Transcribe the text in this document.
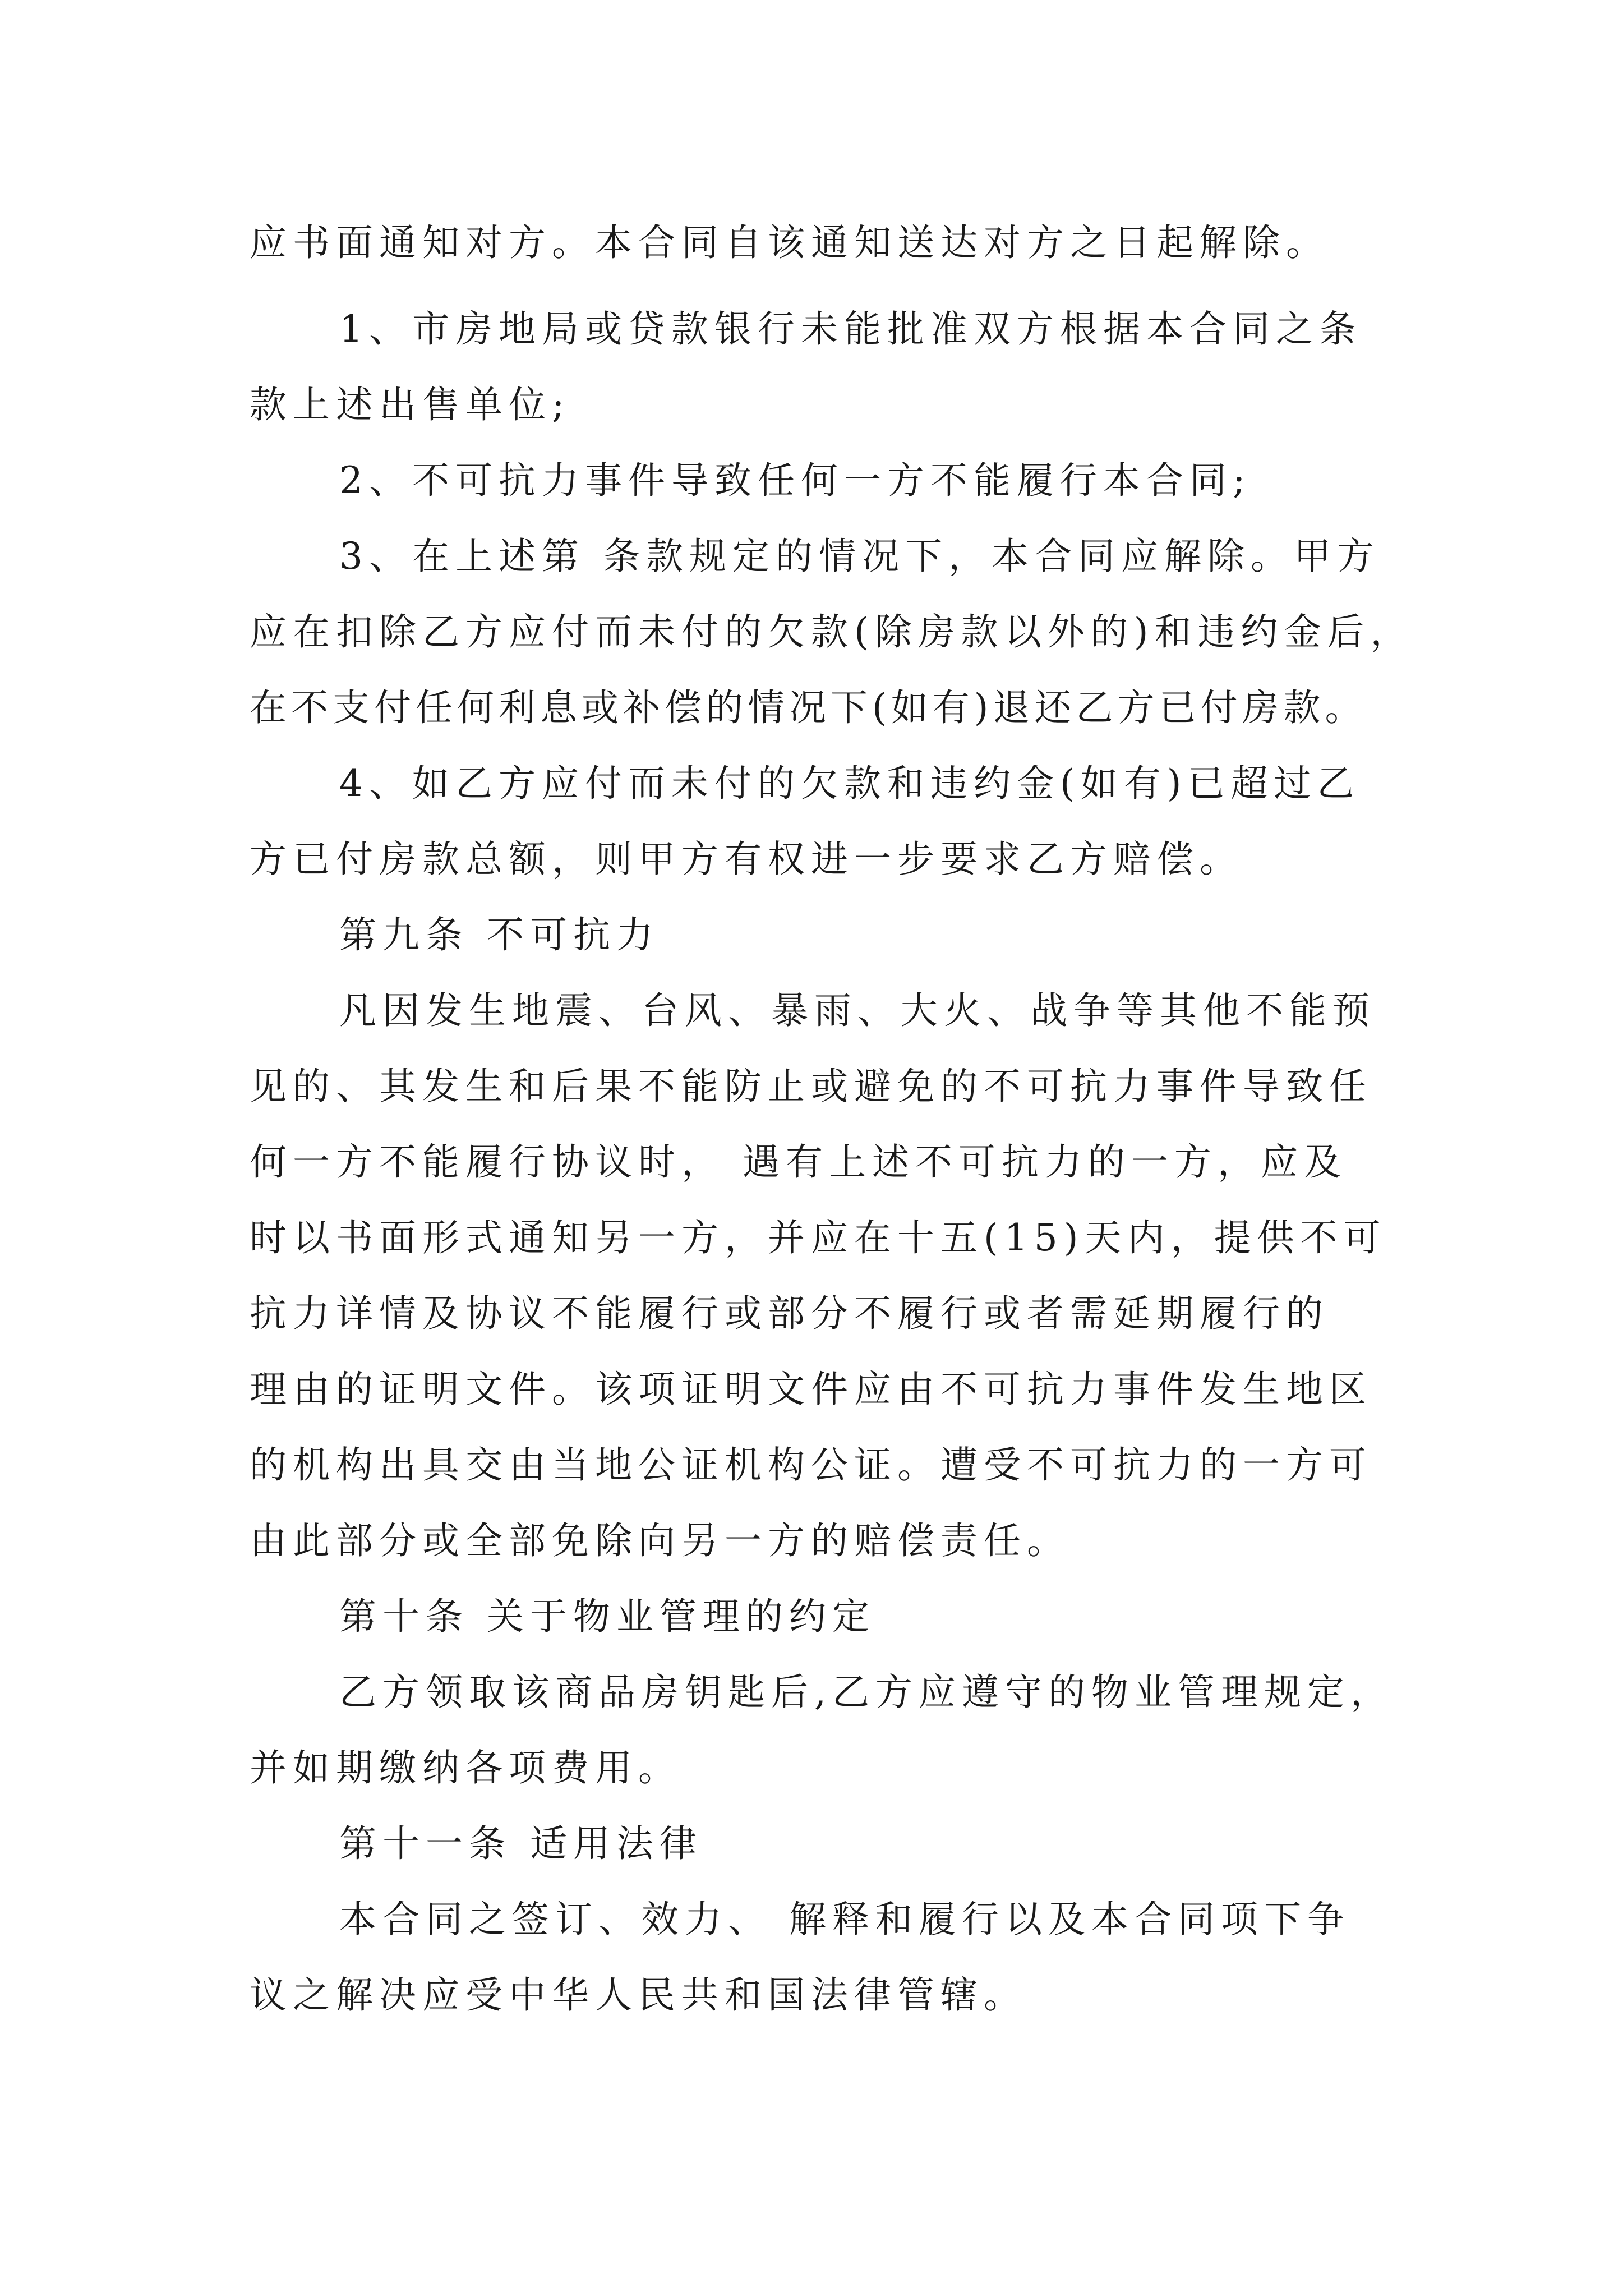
应书面通知对方。本合同自该通知送达对方之日起解除。
1、市房地局或贷款银行未能批准双方根据本合同之条
款上述出售单位;
2、不可抗力事件导致任何一方不能履行本合同;
3、在上述第 条款规定的情况下，本合同应解除。甲方
应在扣除乙方应付而未付的欠款(除房款以外的)和违约金后，
在不支付任何利息或补偿的情况下(如有)退还乙方已付房款。
4、如乙方应付而未付的欠款和违约金(如有)已超过乙
方已付房款总额，则甲方有权进一步要求乙方赔偿。
第九条 不可抗力
凡因发生地震、台风、暴雨、大火、战争等其他不能预
见的、其发生和后果不能防止或避免的不可抗力事件导致任
何一方不能履行协议时， 遇有上述不可抗力的一方，应及
时以书面形式通知另一方，并应在十五(15)天内，提供不可
抗力详情及协议不能履行或部分不履行或者需延期履行的
理由的证明文件。该项证明文件应由不可抗力事件发生地区
的机构出具交由当地公证机构公证。遭受不可抗力的一方可
由此部分或全部免除向另一方的赔偿责任。
第十条 关于物业管理的约定
乙方领取该商品房钥匙后,乙方应遵守的物业管理规定，
并如期缴纳各项费用。
第十一条 适用法律
本合同之签订、效力、 解释和履行以及本合同项下争
议之解决应受中华人民共和国法律管辖。
